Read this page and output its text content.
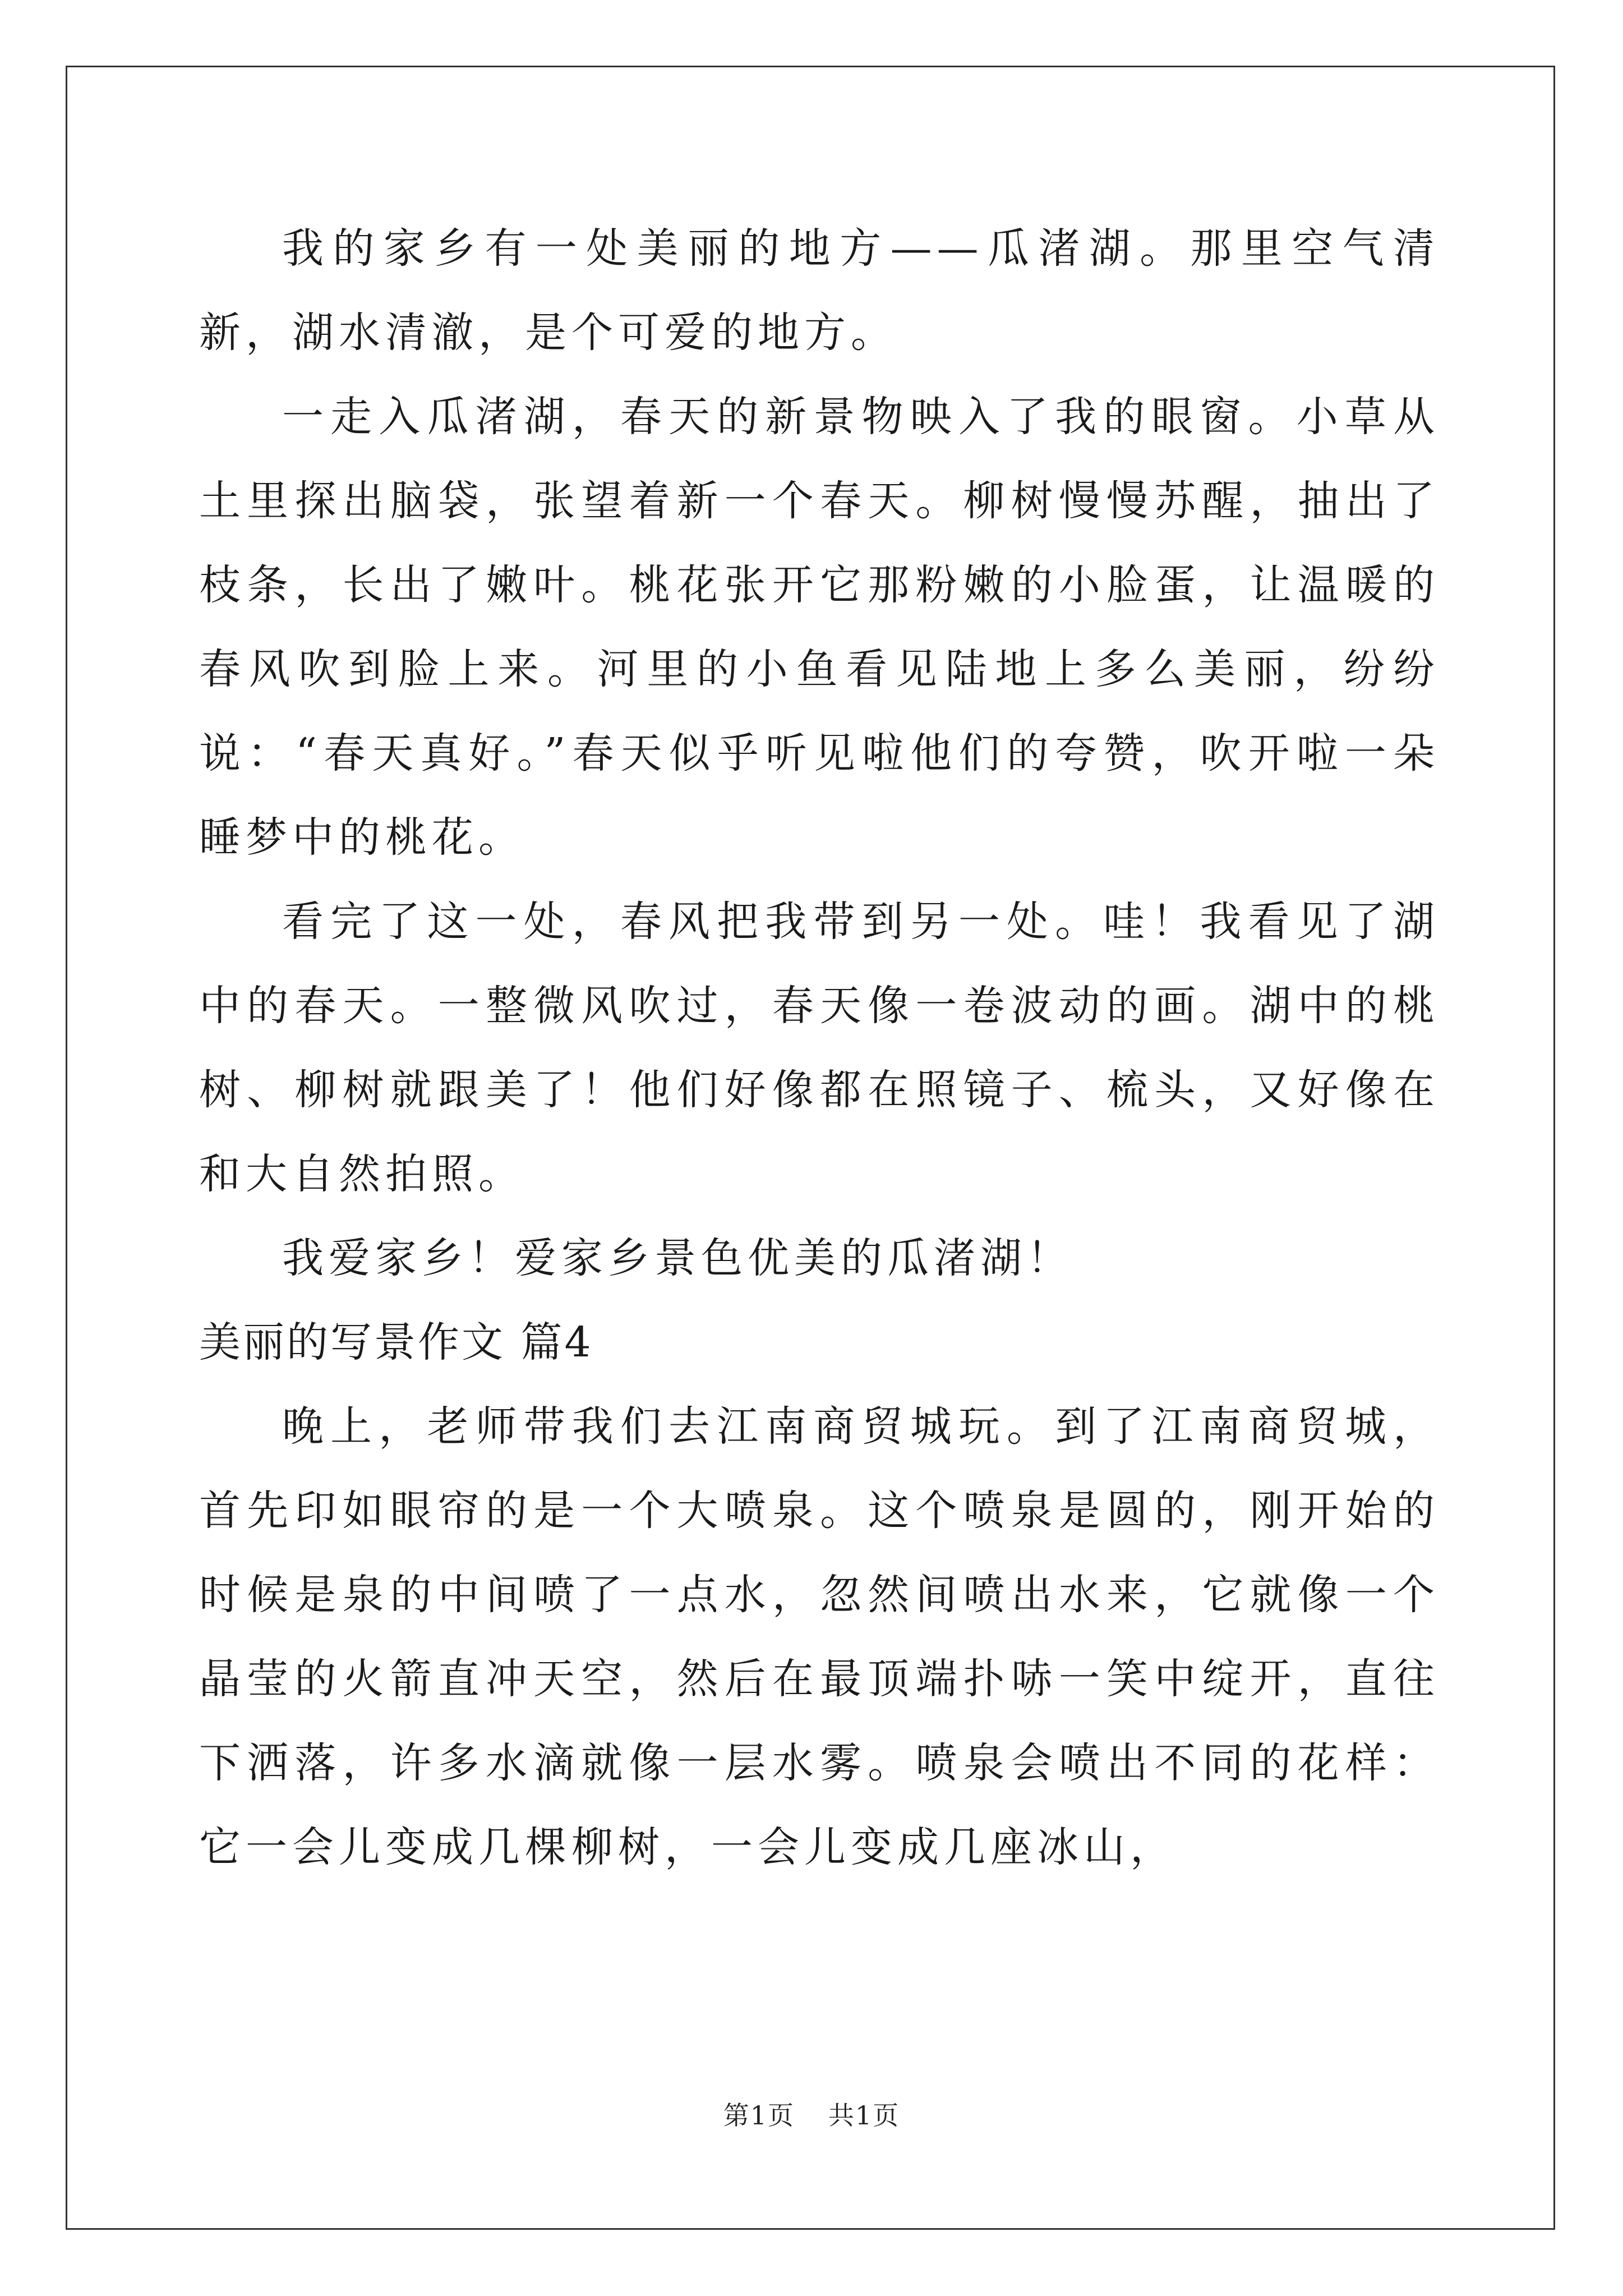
我的家乡有一处美丽的地方——瓜渚湖。那里空气清新，湖水清澈，是个可爱的地方。

一走入瓜渚湖，春天的新景物映入了我的眼窗。小草从土里探出脑袋，张望着新一个春天。柳树慢慢苏醒，抽出了枝条，长出了嫩叶。桃花张开它那粉嫩的小脸蛋，让温暖的春风吹到脸上来。河里的小鱼看见陆地上多么美丽，纷纷说：“春天真好。”春天似乎听见啦他们的夸赞，吹开啦一朵睡梦中的桃花。

看完了这一处，春风把我带到另一处。哇！我看见了湖中的春天。一整微风吹过，春天像一卷波动的画。湖中的桃树、柳树就跟美了！他们好像都在照镜子、梳头，又好像在和大自然拍照。

我爱家乡！爱家乡景色优美的瓜渚湖！

美丽的写景作文 篇4

晚上，老师带我们去江南商贸城玩。到了江南商贸城，首先印如眼帘的是一个大喷泉。这个喷泉是圆的，刚开始的时候是泉的中间喷了一点水，忽然间喷出水来，它就像一个晶莹的火箭直冲天空，然后在最顶端扑哧一笑中绽开，直往下洒落，许多水滴就像一层水雾。喷泉会喷出不同的花样：它一会儿变成几棵柳树，一会儿变成几座冰山，

第1页 共1页
